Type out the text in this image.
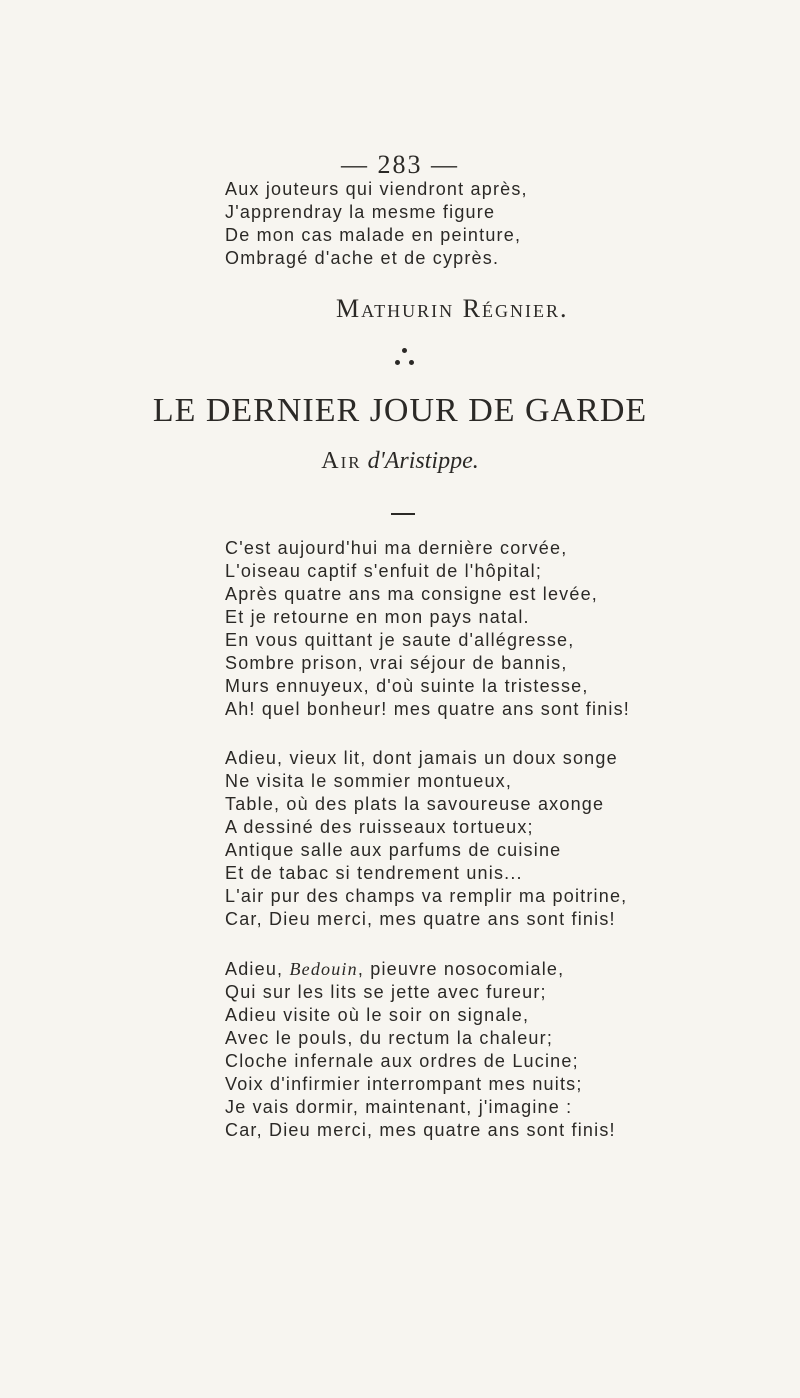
— 283 —
Aux jouteurs qui viendront après,
J'apprendray la mesme figure
De mon cas malade en peinture,
Ombragé d'ache et de cyprès.
Mathurin Régnier.
LE DERNIER JOUR DE GARDE
Air d'Aristippe.
C'est aujourd'hui ma dernière corvée,
L'oiseau captif s'enfuit de l'hôpital;
Après quatre ans ma consigne est levée,
Et je retourne en mon pays natal.
En vous quittant je saute d'allégresse,
Sombre prison, vrai séjour de bannis,
Murs ennuyeux, d'où suinte la tristesse,
Ah! quel bonheur! mes quatre ans sont finis!
Adieu, vieux lit, dont jamais un doux songe
Ne visita le sommier montueux,
Table, où des plats la savoureuse axonge
A dessiné des ruisseaux tortueux;
Antique salle aux parfums de cuisine
Et de tabac si tendrement unis...
L'air pur des champs va remplir ma poitrine,
Car, Dieu merci, mes quatre ans sont finis!
Adieu, Bedouin, pieuvre nosocomiale,
Qui sur les lits se jette avec fureur;
Adieu visite où le soir on signale,
Avec le pouls, du rectum la chaleur;
Cloche infernale aux ordres de Lucine;
Voix d'infirmier interrompant mes nuits;
Je vais dormir, maintenant, j'imagine :
Car, Dieu merci, mes quatre ans sont finis!
